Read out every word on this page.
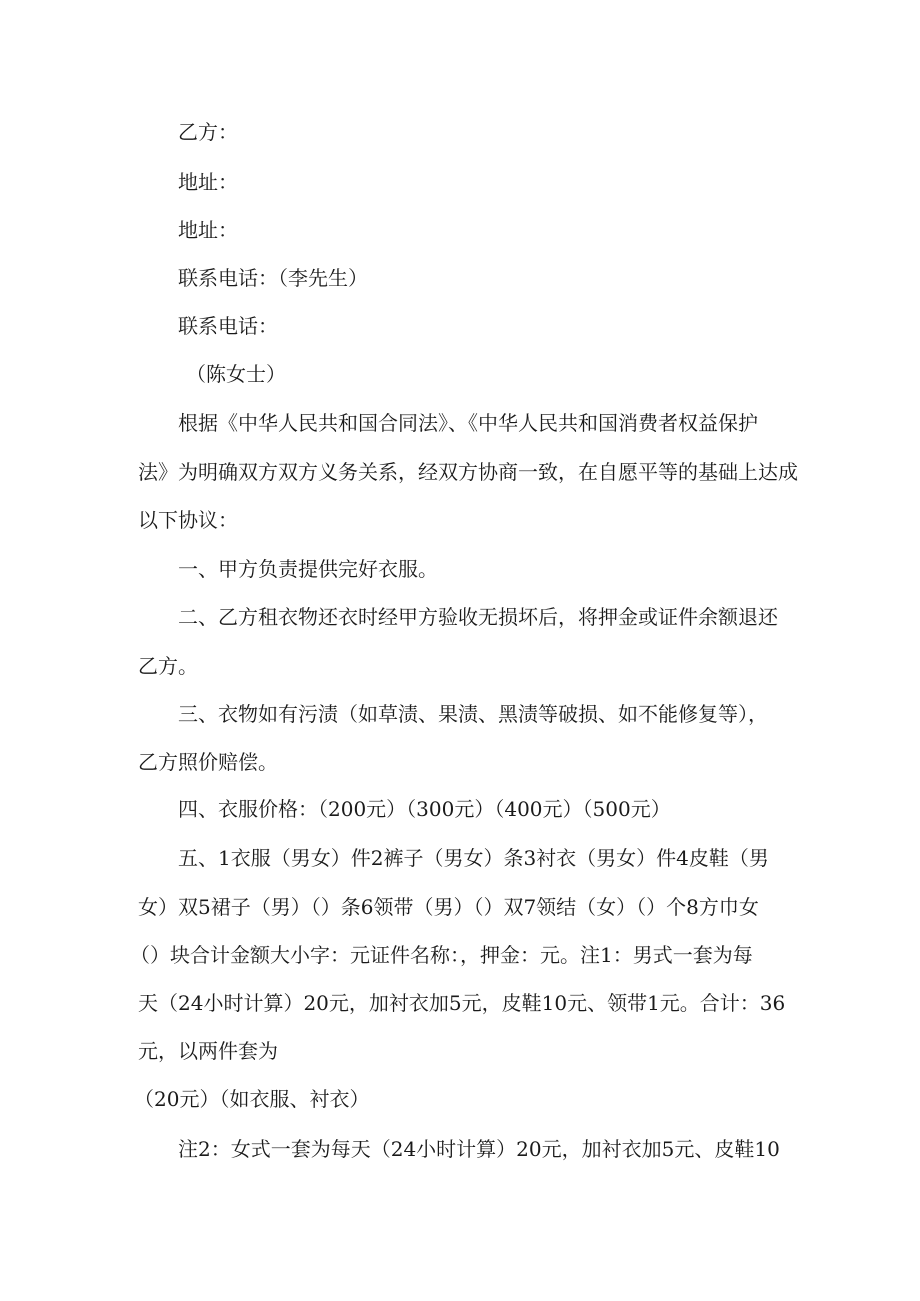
乙方：
地址：
地址：
联系电话：（李先生）
联系电话：
（陈女士）
根据《中华人民共和国合同法》、《中华人民共和国消费者权益保护
法》为明确双方双方义务关系，经双方协商一致，在自愿平等的基础上达成
以下协议：
一、甲方负责提供完好衣服。
二、乙方租衣物还衣时经甲方验收无损坏后，将押金或证件余额退还
乙方。
三、衣物如有污渍（如草渍、果渍、黑渍等破损、如不能修复等），
乙方照价赔偿。
四、衣服价格：（200元）（300元）（400元）（500元）
五、1衣服（男女）件2裤子（男女）条3衬衣（男女）件4皮鞋（男
女）双5裙子（男）（）条6领带（男）（）双7领结（女）（）个8方巾女
（）块合计金额大小字：元证件名称：，押金：元。注1：男式一套为每
天（24小时计算）20元，加衬衣加5元，皮鞋10元、领带1元。合计：36
元，以两件套为
（20元）（如衣服、衬衣）
注2：女式一套为每天（24小时计算）20元，加衬衣加5元、皮鞋10
